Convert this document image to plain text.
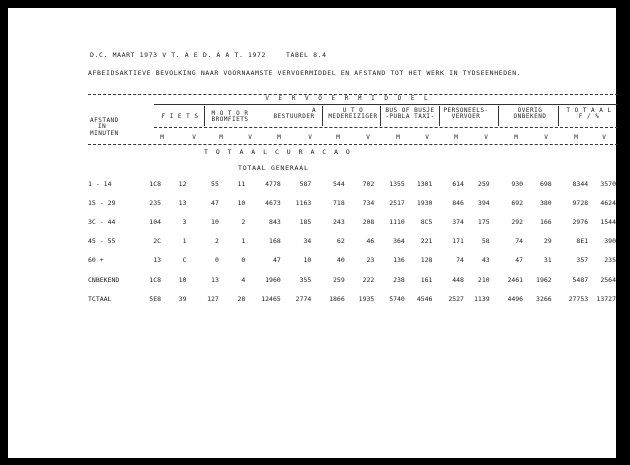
D.C. MAART 1973 V T. A E D. A A T. 1972	TABEL 8.4
AFBEIDSAKTIEVE BEVOLKING NAAR VOORNAAMSTE VERVOERMIDDEL EN AFSTAND TOT HET WERK IN TYDSEENHEDEN.
V E R V O E R M I D D E L
AFSTAND
IN
MINUTEN
F I E T S	M O T O R
BROMFIETS
A
BESTUURDER
U T O
MEDEREIZIGER
BUS OF BUSJE
-PUBLA TAXI-
PERSONEELS-
VERVOER
OVERIG
ONBEKEND
T O T A A L
F / %
M	V	M	V	M	V	M	V	M	V	M	V	M	V	M	V
T O T A A L C U R A C A O
TOTAAL GENERAAL
1 - 14	1C8	12	55	11	4778	587	544	702	1355	1301	614	259	930	698	8344	3570
15 - 29	235	13	47	10	4673	1163	718	734	2517	1930	846	394	692	380	9728	4624
3C - 44	104	3	10	2	843	185	243	208	1110	8C5	374	175	292	166	2976	1544
45 - 55	2C	1	2	1	168	34	62	46	364	221	171	58	74	29	8E1	390
60 +	13	C	0	0	47	10	40	23	136	128	74	43	47	31	357	235
CNBEKEND	1C8	10	13	4	1960	355	259	222	238	161	448	210	2461	1962	5487	2564
TCTAAL	5E8	39	127	28	12465	2774	1866	1935	5740	4546	2527	1139	4496	3266	27753	13727
